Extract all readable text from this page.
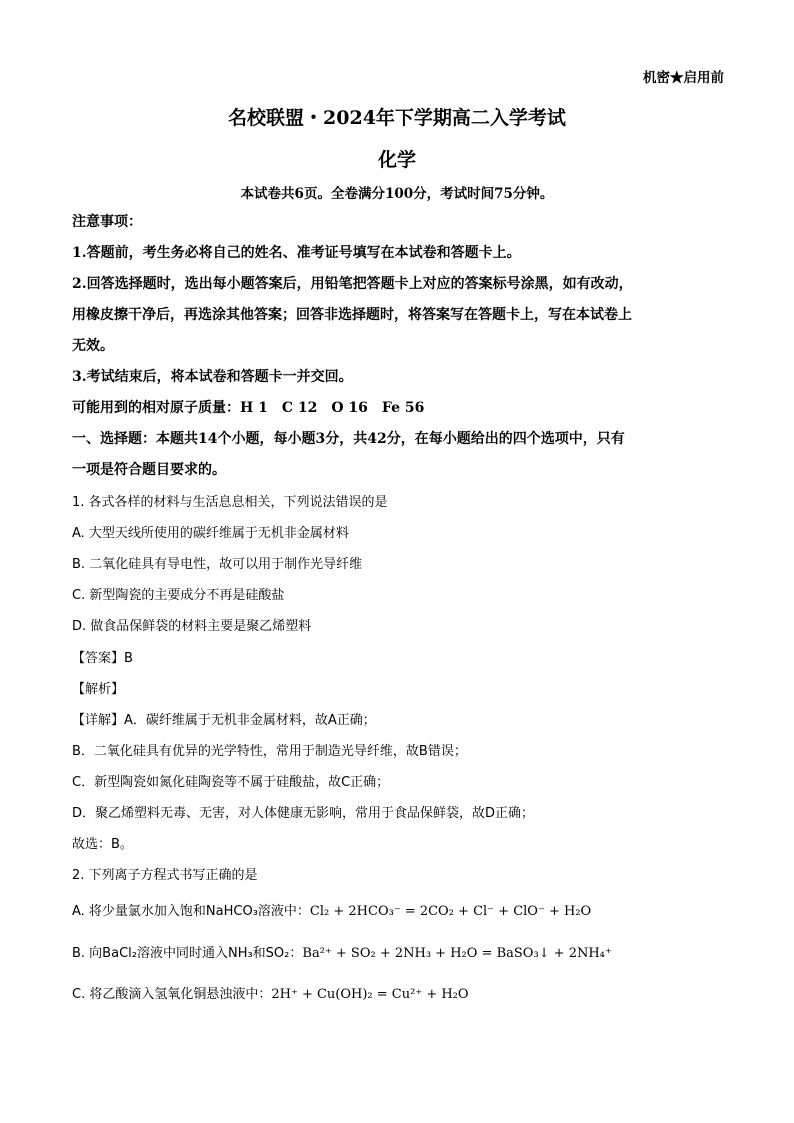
机密★启用前
名校联盟・2024年下学期高二入学考试
化学
本试卷共6页。全卷满分100分，考试时间75分钟。
注意事项：
1.答题前，考生务必将自己的姓名、准考证号填写在本试卷和答题卡上。
2.回答选择题时，选出每小题答案后，用铅笔把答题卡上对应的答案标号涂黑，如有改动，
用橡皮擦干净后，再选涂其他答案；回答非选择题时，将答案写在答题卡上，写在本试卷上
无效。
3.考试结束后，将本试卷和答题卡一并交回。
可能用到的相对原子质量：H 1　C 12　O 16　Fe 56
一、选择题：本题共14个小题，每小题3分，共42分，在每小题给出的四个选项中，只有
一项是符合题目要求的。
1. 各式各样的材料与生活息息相关，下列说法错误的是
A. 大型天线所使用的碳纤维属于无机非金属材料
B. 二氧化硅具有导电性，故可以用于制作光导纤维
C. 新型陶瓷的主要成分不再是硅酸盐
D. 做食品保鲜袋的材料主要是聚乙烯塑料
【答案】B
【解析】
【详解】A．碳纤维属于无机非金属材料，故A正确；
B．二氧化硅具有优异的光学特性，常用于制造光导纤维，故B错误；
C．新型陶瓷如氮化硅陶瓷等不属于硅酸盐，故C正确；
D．聚乙烯塑料无毒、无害，对人体健康无影响，常用于食品保鲜袋，故D正确；
故选：B。
2. 下列离子方程式书写正确的是
A. 将少量氯水加入饱和NaHCO₃溶液中：Cl₂ + 2HCO₃⁻ = 2CO₂ + Cl⁻ + ClO⁻ + H₂O
B. 向BaCl₂溶液中同时通入NH₃和SO₂：Ba²⁺ + SO₂ + 2NH₃ + H₂O = BaSO₃↓ + 2NH₄⁺
C. 将乙酸滴入氢氧化铜悬浊液中：2H⁺ + Cu(OH)₂ = Cu²⁺ + H₂O
